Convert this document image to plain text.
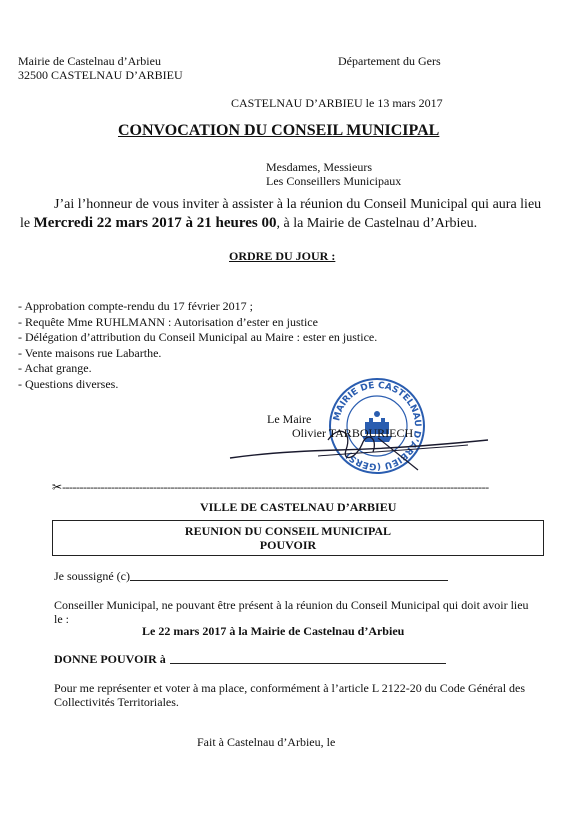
Mairie de Castelnau d’Arbieu
32500 CASTELNAU D’ARBIEU
Département du Gers
CASTELNAU D’ARBIEU le 13 mars 2017
CONVOCATION DU CONSEIL MUNICIPAL
Mesdames, Messieurs
Les Conseillers Municipaux
J’ai l’honneur de vous inviter à assister à la réunion du Conseil Municipal qui aura lieu
le Mercredi 22 mars 2017 à 21 heures 00, à la Mairie de Castelnau d’Arbieu.
ORDRE DU JOUR :
- Approbation compte-rendu du 17 février 2017 ;
- Requête Mme RUHLMANN : Autorisation d’ester en justice
- Délégation d’attribution du Conseil Municipal au Maire : ester en justice.
- Vente maisons rue Labarthe.
- Achat grange.
- Questions diverses.
Le Maire MAIRIE DE CASTELNAU D’ARBIEU (GERS)
Olivier TARBOURIECH
✂--------------------------------------------------------------------------------------------------------------------------
VILLE DE CASTELNAU D’ARBIEU
REUNION DU CONSEIL MUNICIPAL
POUVOIR
Je soussigné (c)
Conseiller Municipal, ne pouvant être présent à la réunion du Conseil Municipal qui doit avoir lieu
le :
Le 22 mars 2017 à la Mairie de Castelnau d’Arbieu
DONNE POUVOIR à
Pour me représenter et voter à ma place, conformément à l’article L 2122-20 du Code Général des
Collectivités Territoriales.
Fait à Castelnau d’Arbieu, le
